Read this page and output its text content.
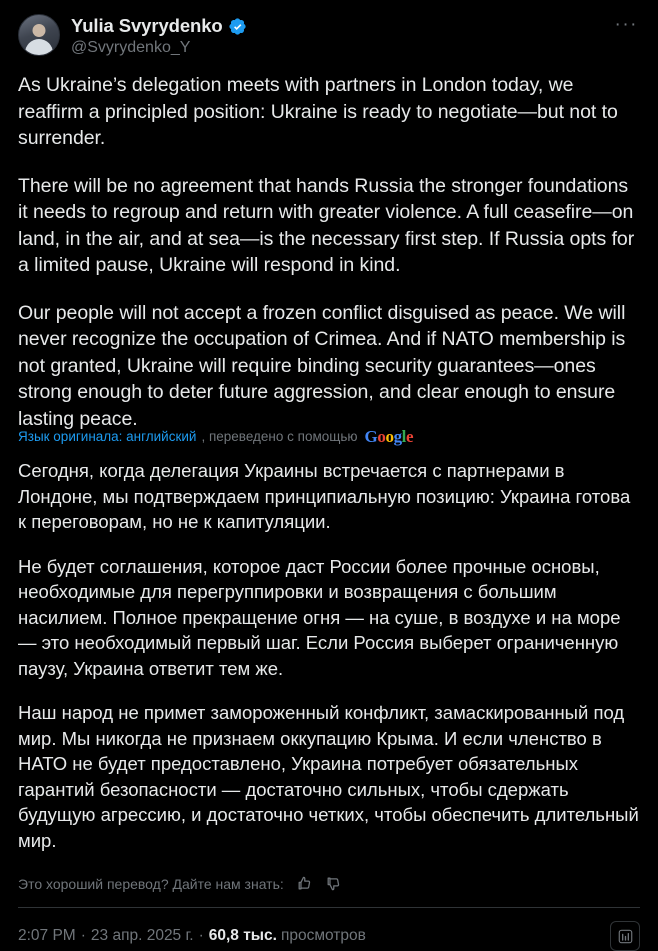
Yulia Svyrydenko
@Svyrydenko_Y
···

As Ukraine’s delegation meets with partners in London today, we reaffirm a principled position: Ukraine is ready to negotiate—but not to surrender.

There will be no agreement that hands Russia the stronger foundations it needs to regroup and return with greater violence. A full ceasefire—on land, in the air, and at sea—is the necessary first step. If Russia opts for a limited pause, Ukraine will respond in kind.

Our people will not accept a frozen conflict disguised as peace. We will never recognize the occupation of Crimea. And if NATO membership is not granted, Ukraine will require binding security guarantees—ones strong enough to deter future aggression, and clear enough to ensure lasting peace.

Язык оригинала: английский , переведено с помощью Google

Сегодня, когда делегация Украины встречается с партнерами в Лондоне, мы подтверждаем принципиальную позицию: Украина готова к переговорам, но не к капитуляции.

Не будет соглашения, которое даст России более прочные основы, необходимые для перегруппировки и возвращения с большим насилием. Полное прекращение огня — на суше, в воздухе и на море — это необходимый первый шаг. Если Россия выберет ограниченную паузу, Украина ответит тем же.

Наш народ не примет замороженный конфликт, замаскированный под мир. Мы никогда не признаем оккупацию Крыма. И если членство в НАТО не будет предоставлено, Украина потребует обязательных гарантий безопасности — достаточно сильных, чтобы сдержать будущую агрессию, и достаточно четких, чтобы обеспечить длительный мир.

Это хороший перевод? Дайте нам знать:
2:07 PM · 23 апр. 2025 г. · 60,8 тыс. просмотров
